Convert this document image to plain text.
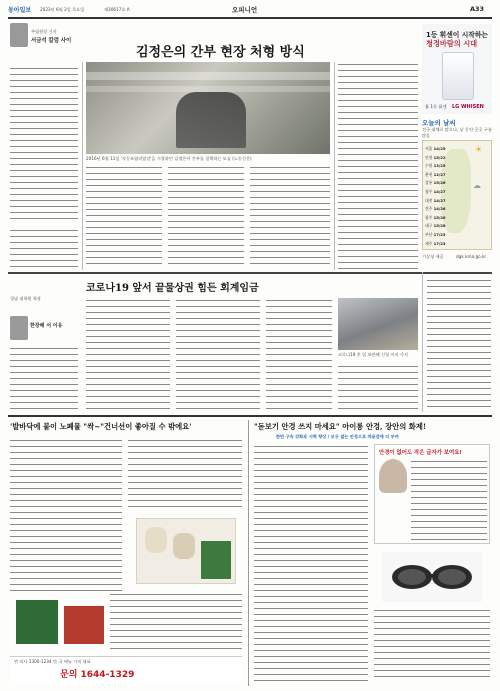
동아일보 2023년 6월 2일 목요일	제30617호 A	오피니언	A33
주필원장 기자
서금석 칼럼 사이
김정은의 간부 현장 처형 방식
2016년 6월 11일 '자동조립작업장'을 시찰하던 김정은이 간부를 질책하는 모습 (노동신문)
1등 휘센이 시작하는
청정바람의 시대
LG WHISEN
흡 1등 휘센
오늘의 날씨
전국 대체로 맑으나, 낮 동안 곳곳 구름 많음
서울 14/25
인천 15/22
수원 13/25
춘천 12/27
강릉 15/26
청주 14/27
대전 14/27
전주 14/26
광주 15/26
대구 15/28
부산 17/23
제주 17/23
☀
☁
기상청 제공	dgk.kma.go.kr
코로나19 앞서 끝물상권 힘든 회계임금
경남 대학원 학장
한장해 서 이유
코로나19 후 입 보관해 신청 이미 가지
'발바닥에 붙이 노폐물 "싹~"건너선이 좋아질 수 밖에요'
만 의사 1300-1234 만 국 메뉴 가격 대표
문의 1644-1329
"돋보기 안경 쓰지 마세요" 아이롱 안경, 장안의 화제!
한번 구속 강화로 시력 향상 / 모두 없는 안경으로 착용감에 더 부여
안경이 없어도 작은 글자가 보여요!
